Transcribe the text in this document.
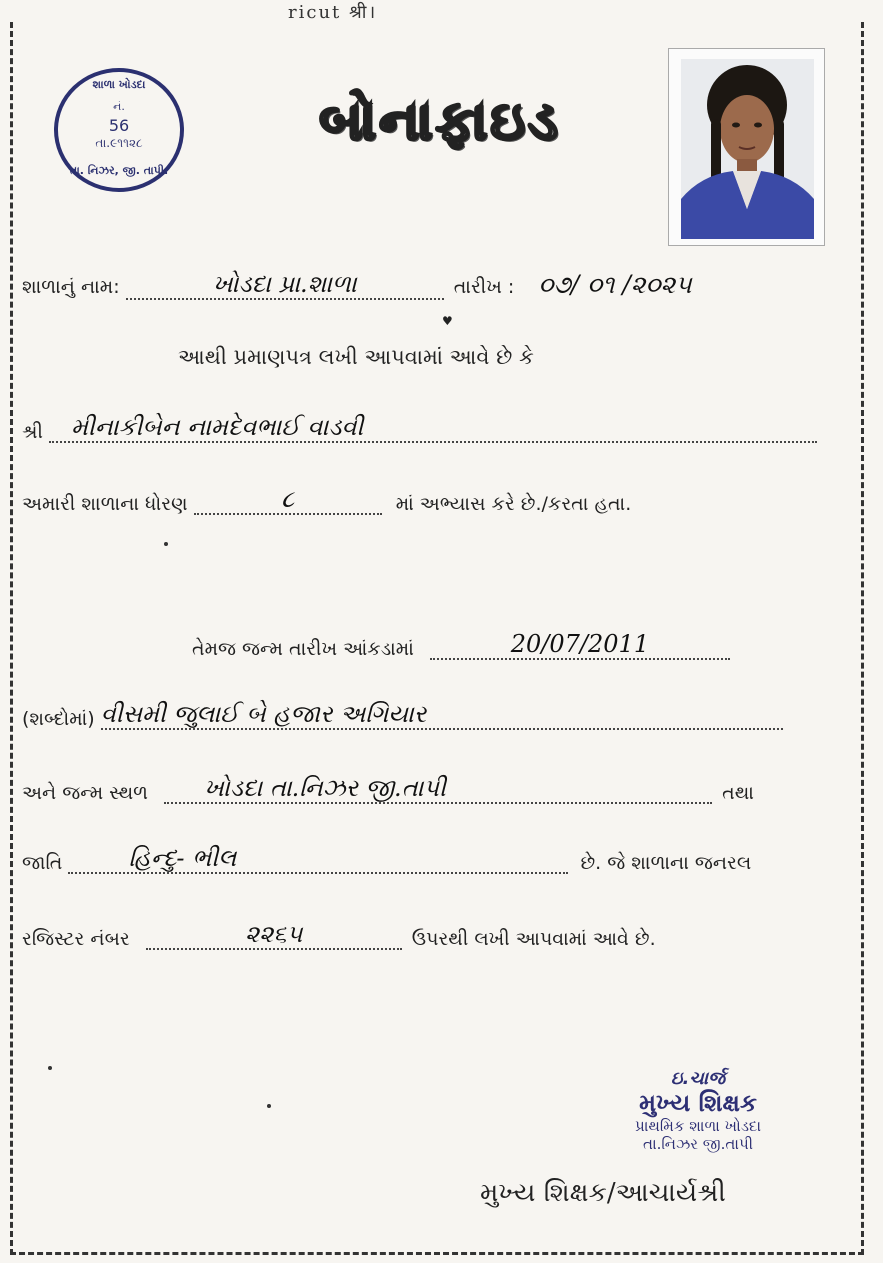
ricut श्री।
શાળા ખોડદા
નં.
56
તા.૯૧૧૨૮
તા. નિઝર, જી. તાપી.
બોનાફાઇડ
શાળાનું નામ:	ખોડદા પ્રા.શાળા	તારીખ : ૦૭/ ૦૧ /૨૦૨૫
♥
આથી પ્રમાણપત્ર લખી આપવામાં આવે છે કે
શ્રી મીનાકીબેન નામદેવભાઈ વાડવી
અમારી શાળાના ધોરણ	૮	માં અભ્યાસ કરે છે./કરતા હતા.
તેમજ જન્મ તારીખ આંકડામાં	20/07/2011
(શબ્દોમાં) વીસમી જુલાઈ બે હજાર અગિયાર
અને જન્મ સ્થળ ખોડદા તા.નિઝર જી.તાપી	તથા
જાતિ	હિન્દુ- ભીલ	છે. જે શાળાના જનરલ
રજિસ્ટર નંબર	૨૨૬૫	ઉપરથી લખી આપવામાં આવે છે.
ઇ.ચાર્જ
મુખ્ય શિક્ષક
પ્રાથમિક શાળા ખોડદા
તા.નિઝર જી.તાપી
મુખ્ય શિક્ષક/આચાર્યશ્રી
